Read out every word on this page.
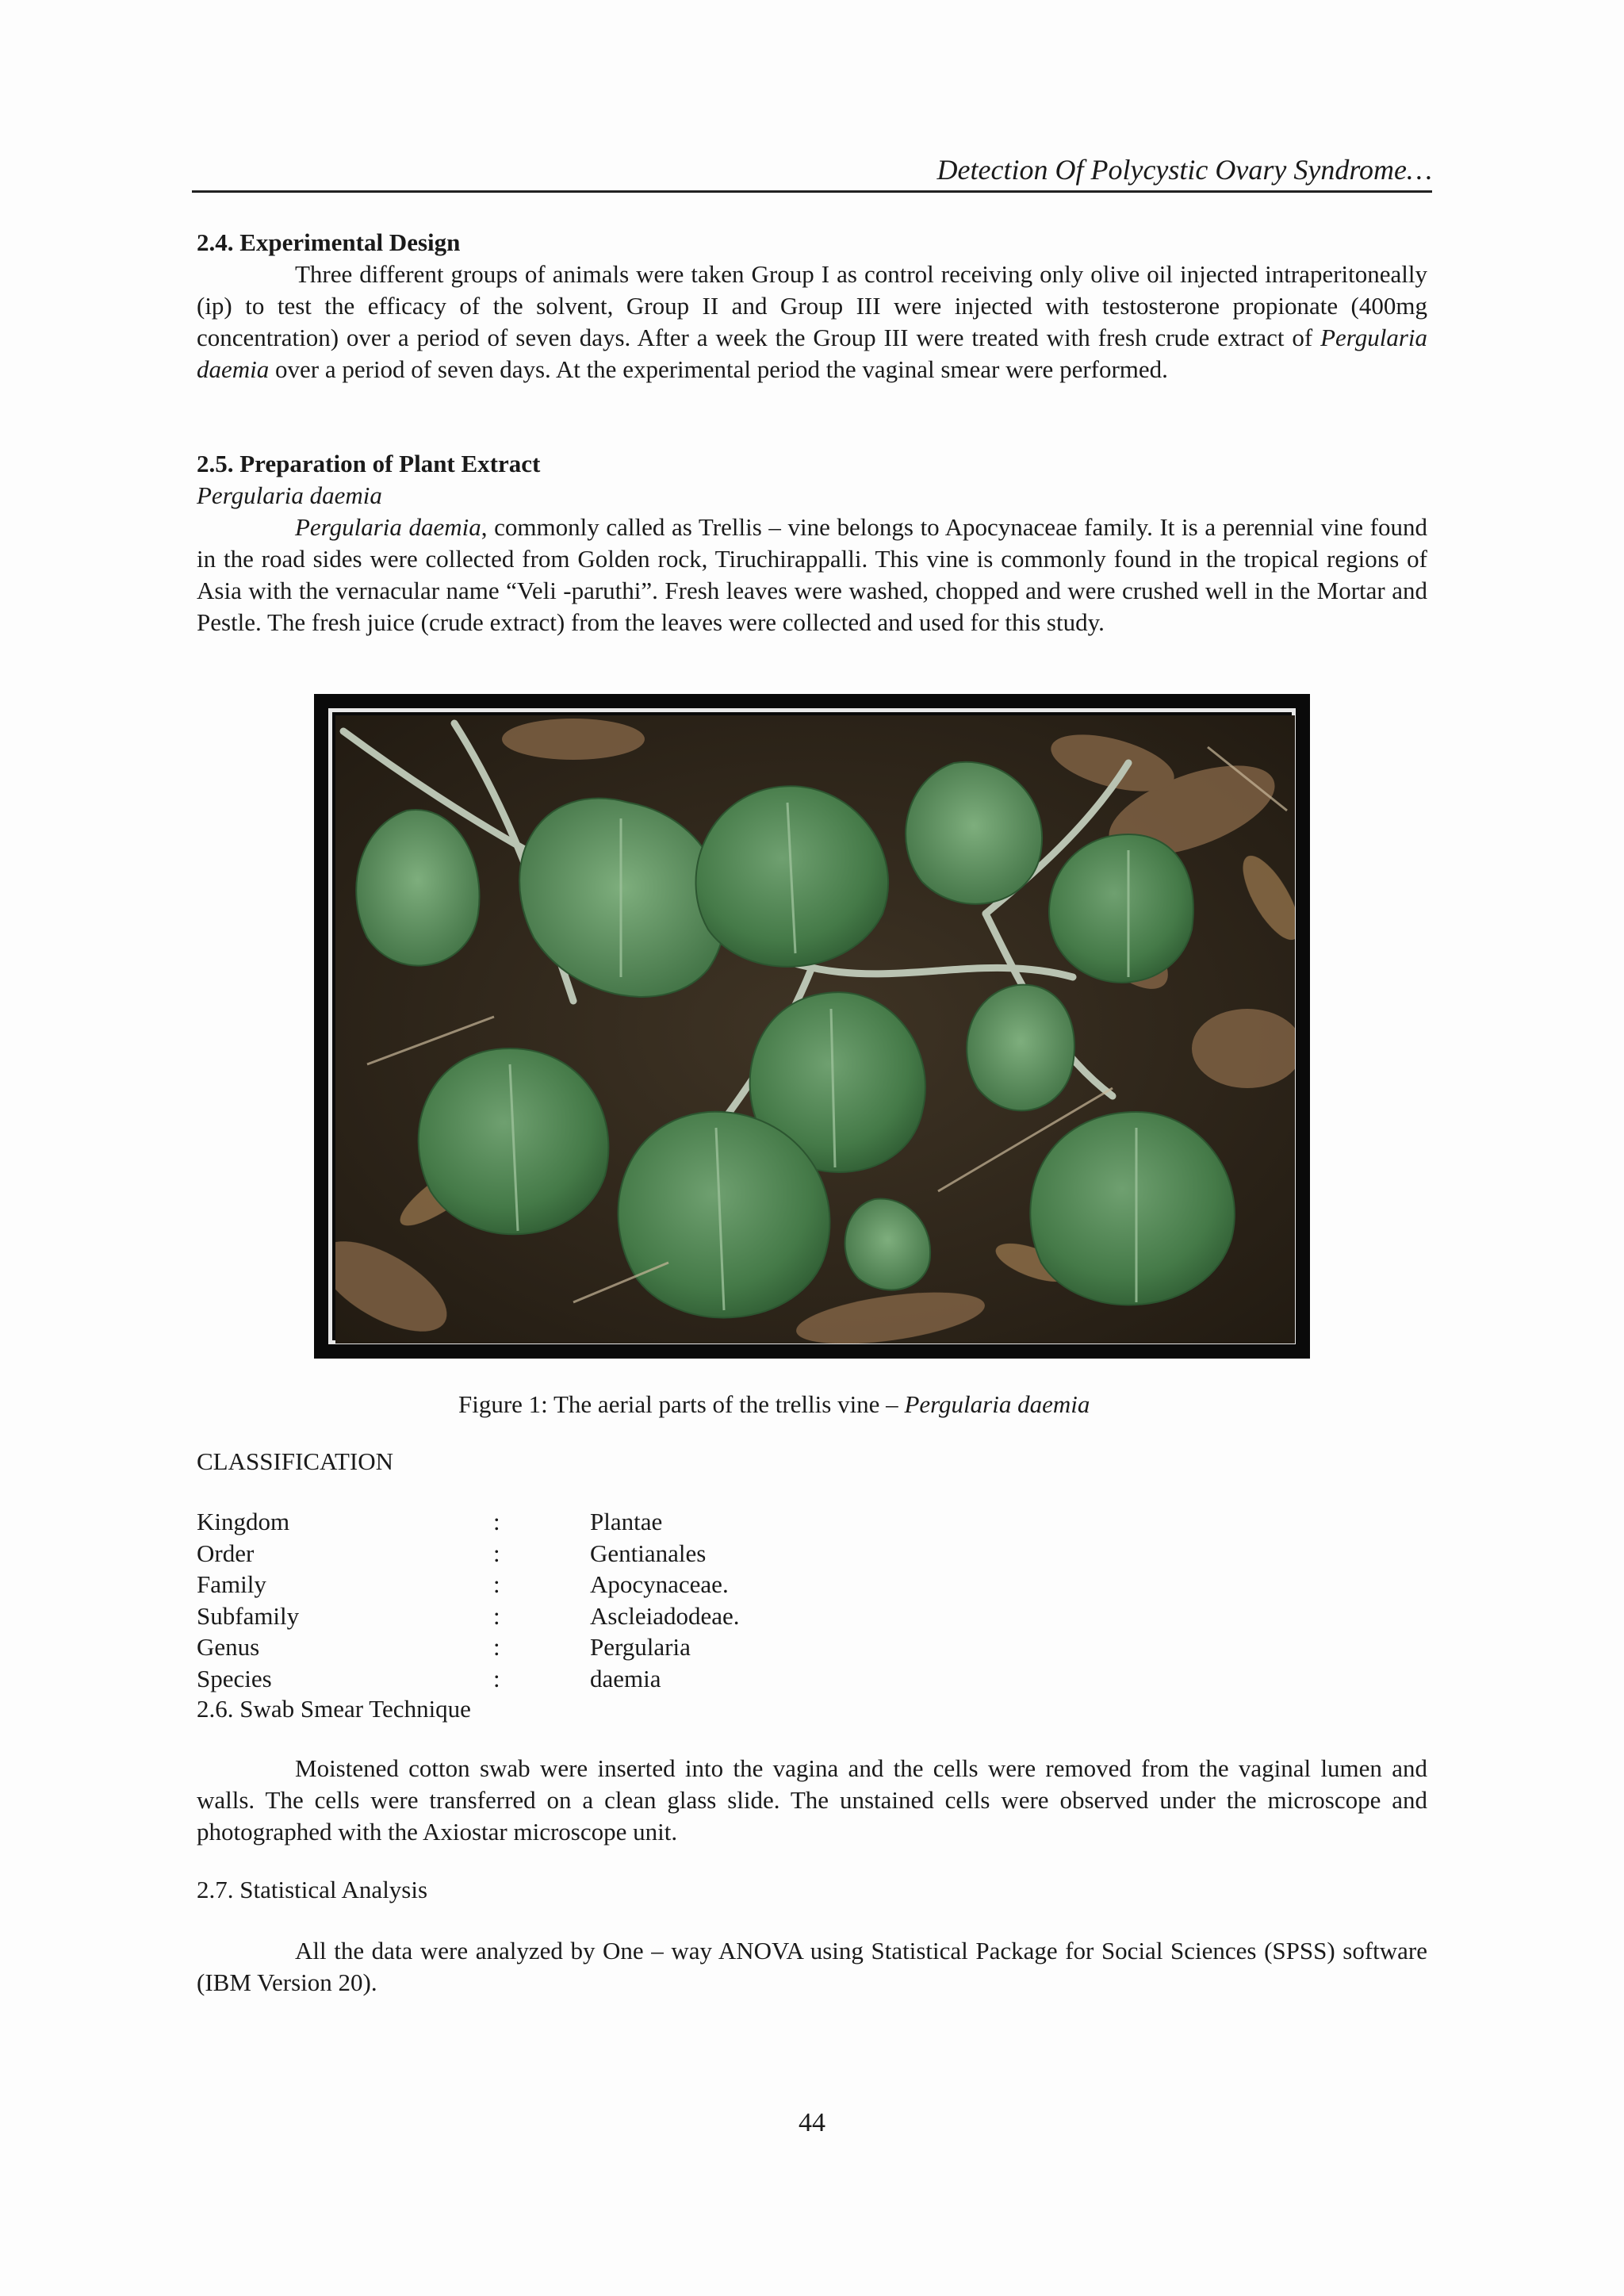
Detection Of Polycystic Ovary Syndrome…
2.4. Experimental Design

Three different groups of animals were taken Group I as control receiving only olive oil injected intraperitoneally (ip) to test the efficacy of the solvent, Group II and Group III were injected with testosterone propionate (400mg concentration) over a period of seven days. After a week the Group III were treated with fresh crude extract of Pergularia daemia over a period of seven days. At the experimental period the vaginal smear were performed.

2.5. Preparation of Plant Extract
Pergularia daemia

Pergularia daemia, commonly called as Trellis – vine belongs to Apocynaceae family. It is a perennial vine found in the road sides were collected from Golden rock, Tiruchirappalli. This vine is commonly found in the tropical regions of Asia with the vernacular name “Veli -paruthi”. Fresh leaves were washed, chopped and were crushed well in the Mortar and Pestle. The fresh juice (crude extract) from the leaves were collected and used for this study.

Figure 1: The aerial parts of the trellis vine – Pergularia daemia
CLASSIFICATION
Kingdom	:	Plantae
Order	:	Gentianales
Family	:	Apocynaceae.
Subfamily	:	Ascleiadodeae.
Genus	:	Pergularia
Species	:	daemia
2.6. Swab Smear Technique

Moistened cotton swab were inserted into the vagina and the cells were removed from the vaginal lumen and walls. The cells were transferred on a clean glass slide. The unstained cells were observed under the microscope and photographed with the Axiostar microscope unit.

2.7. Statistical Analysis

All the data were analyzed by One – way ANOVA using Statistical Package for Social Sciences (SPSS) software (IBM Version 20).

44
